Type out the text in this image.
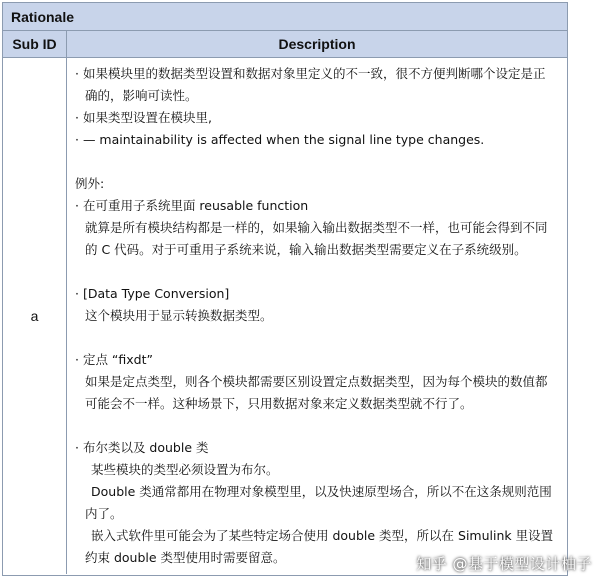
Rationale
Sub ID	Description
a
· 如果模块里的数据类型设置和数据对象里定义的不一致，很不方便判断哪个设定是正
确的，影响可读性。
· 如果类型设置在模块里,
· — maintainability is affected when the signal line type changes.
例外:
· 在可重用子系统里面 reusable function
就算是所有模块结构都是一样的，如果输入输出数据类型不一样，也可能会得到不同
的 C 代码。对于可重用子系统来说，输入输出数据类型需要定义在子系统级别。
· [Data Type Conversion]
这个模块用于显示转换数据类型。
· 定点 “fixdt”
如果是定点类型，则各个模块都需要区别设置定点数据类型，因为每个模块的数值都
可能会不一样。这种场景下，只用数据对象来定义数据类型就不行了。
· 布尔类以及 double 类
某些模块的类型必须设置为布尔。
Double 类通常都用在物理对象模型里，以及快速原型场合，所以不在这条规则范围
内了。
嵌入式软件里可能会为了某些特定场合使用 double 类型，所以在 Simulink 里设置
约束 double 类型使用时需要留意。	知乎 @基于模型设计柚子
